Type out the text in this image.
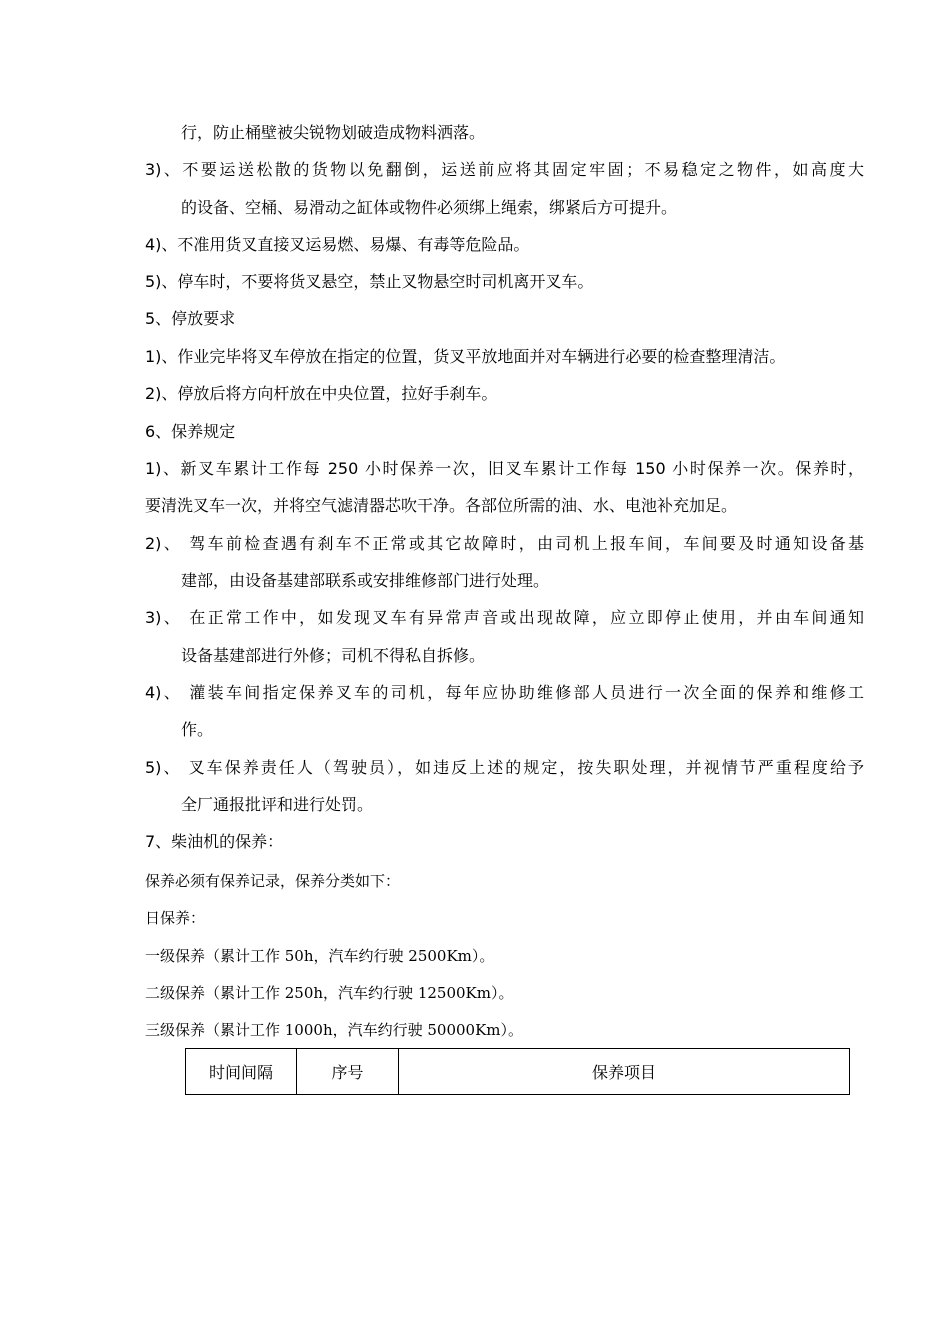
行，防止桶壁被尖锐物划破造成物料洒落。
3)、不要运送松散的货物以免翻倒，运送前应将其固定牢固；不易稳定之物件，如高度大
的设备、空桶、易滑动之缸体或物件必须绑上绳索，绑紧后方可提升。
4)、不准用货叉直接叉运易燃、易爆、有毒等危险品。
5)、停车时，不要将货叉悬空，禁止叉物悬空时司机离开叉车。
5、停放要求
1)、作业完毕将叉车停放在指定的位置，货叉平放地面并对车辆进行必要的检查整理清洁。
2)、停放后将方向杆放在中央位置，拉好手刹车。
6、保养规定
1)、新叉车累计工作每 250 小时保养一次，旧叉车累计工作每 150 小时保养一次。保养时，
要清洗叉车一次，并将空气滤清器芯吹干净。各部位所需的油、水、电池补充加足。
2)、 驾车前检查遇有刹车不正常或其它故障时，由司机上报车间，车间要及时通知设备基
建部，由设备基建部联系或安排维修部门进行处理。
3)、 在正常工作中，如发现叉车有异常声音或出现故障，应立即停止使用，并由车间通知
设备基建部进行外修；司机不得私自拆修。
4)、 灌装车间指定保养叉车的司机，每年应协助维修部人员进行一次全面的保养和维修工
作。
5)、 叉车保养责任人（驾驶员），如违反上述的规定，按失职处理，并视情节严重程度给予
全厂通报批评和进行处罚。
7、柴油机的保养：
保养必须有保养记录，保养分类如下：
日保养：
一级保养（累计工作 50h，汽车约行驶 2500Km）。
二级保养（累计工作 250h，汽车约行驶 12500Km）。
三级保养（累计工作 1000h，汽车约行驶 50000Km）。
时间间隔	序号	保养项目
